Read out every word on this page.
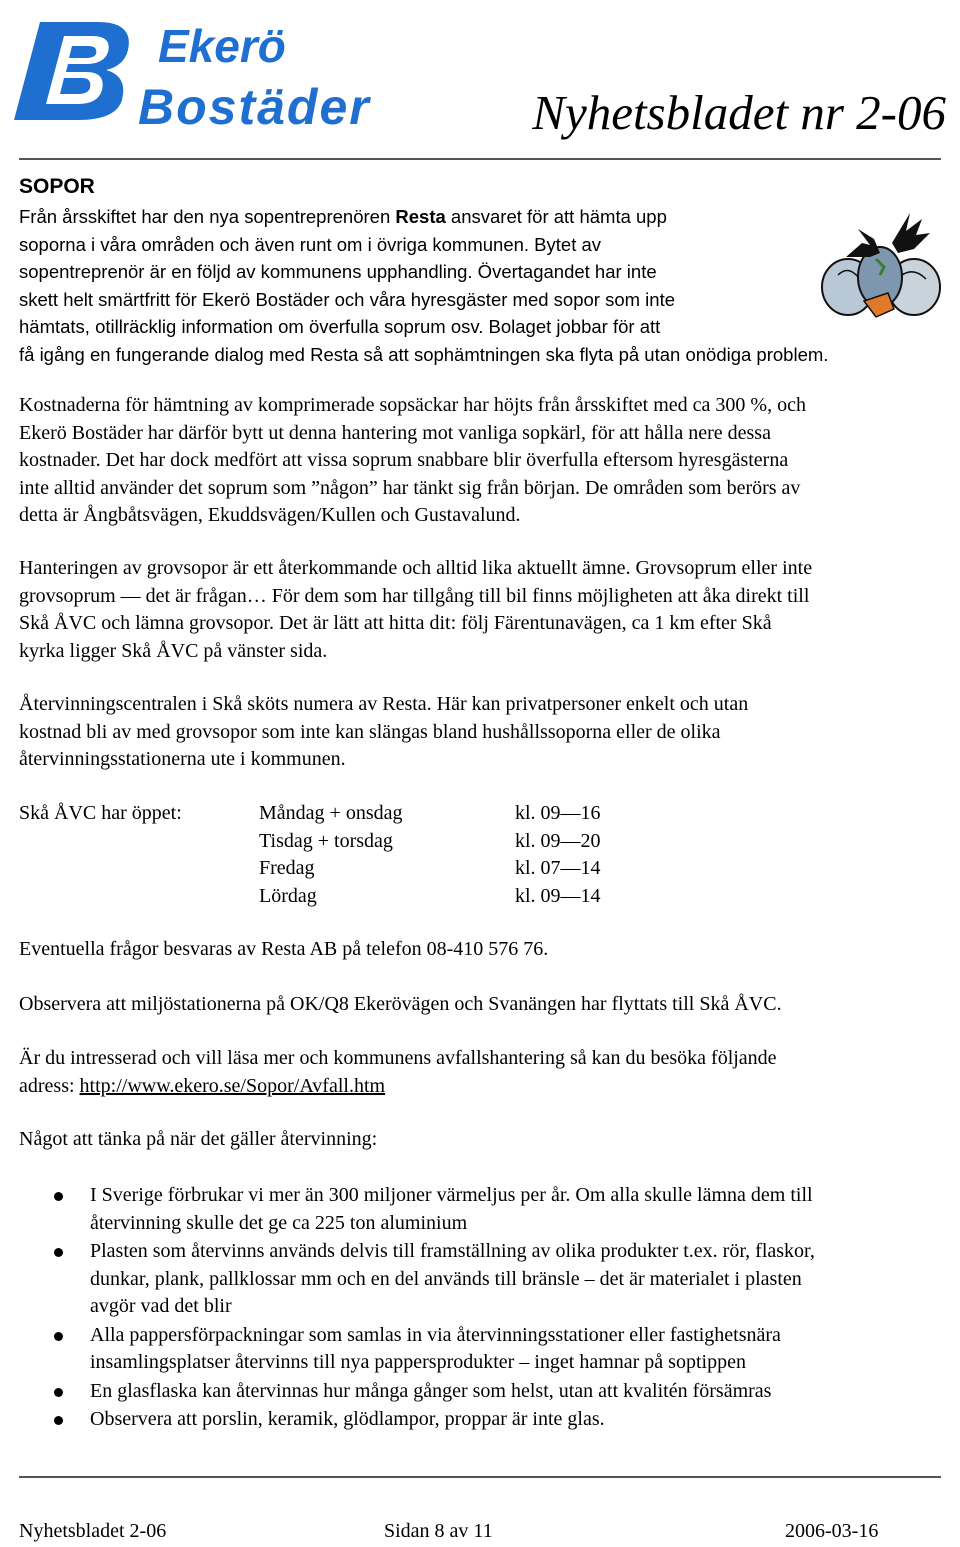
Ekerö
Bostäder	Nyhetsbladet nr 2-06
SOPOR
Från årsskiftet har den nya sopentreprenören Resta ansvaret för att hämta upp
soporna i våra områden och även runt om i övriga kommunen. Bytet av
sopentreprenör är en följd av kommunens upphandling. Övertagandet har inte
skett helt smärtfritt för Ekerö Bostäder och våra hyresgäster med sopor som inte
hämtats, otillräcklig information om överfulla soprum osv. Bolaget jobbar för att
få igång en fungerande dialog med Resta så att sophämtningen ska flyta på utan onödiga problem.
Kostnaderna för hämtning av komprimerade sopsäckar har höjts från årsskiftet med ca 300 %, och
Ekerö Bostäder har därför bytt ut denna hantering mot vanliga sopkärl, för att hålla nere dessa
kostnader. Det har dock medfört att vissa soprum snabbare blir överfulla eftersom hyresgästerna
inte alltid använder det soprum som ”någon” har tänkt sig från början. De områden som berörs av
detta är Ångbåtsvägen, Ekuddsvägen/Kullen och Gustavalund.
Hanteringen av grovsopor är ett återkommande och alltid lika aktuellt ämne. Grovsoprum eller inte
grovsoprum — det är frågan… För dem som har tillgång till bil finns möjligheten att åka direkt till
Skå ÅVC och lämna grovsopor. Det är lätt att hitta dit: följ Färentunavägen, ca 1 km efter Skå
kyrka ligger Skå ÅVC på vänster sida.
Återvinningscentralen i Skå sköts numera av Resta. Här kan privatpersoner enkelt och utan
kostnad bli av med grovsopor som inte kan slängas bland hushållssoporna eller de olika
återvinningsstationerna ute i kommunen.
Skå ÅVC har öppet:	Måndag + onsdag	kl. 09—16
Tisdag + torsdag	kl. 09—20
Fredag	kl. 07—14
Lördag	kl. 09—14
Eventuella frågor besvaras av Resta AB på telefon 08-410 576 76.
Observera att miljöstationerna på OK/Q8 Ekerövägen och Svanängen har flyttats till Skå ÅVC.
Är du intresserad och vill läsa mer och kommunens avfallshantering så kan du besöka följande
adress: http://www.ekero.se/Sopor/Avfall.htm
Något att tänka på när det gäller återvinning:
I Sverige förbrukar vi mer än 300 miljoner värmeljus per år. Om alla skulle lämna dem till
återvinning skulle det ge ca 225 ton aluminium
Plasten som återvinns används delvis till framställning av olika produkter t.ex. rör, flaskor,
dunkar, plank, pallklossar mm och en del används till bränsle – det är materialet i plasten
avgör vad det blir
Alla pappersförpackningar som samlas in via återvinningsstationer eller fastighetsnära
insamlingsplatser återvinns till nya pappersprodukter – inget hamnar på soptippen
En glasflaska kan återvinnas hur många gånger som helst, utan att kvalitén försämras
Observera att porslin, keramik, glödlampor, proppar är inte glas.
Nyhetsbladet 2-06	Sidan 8 av 11	2006-03-16
